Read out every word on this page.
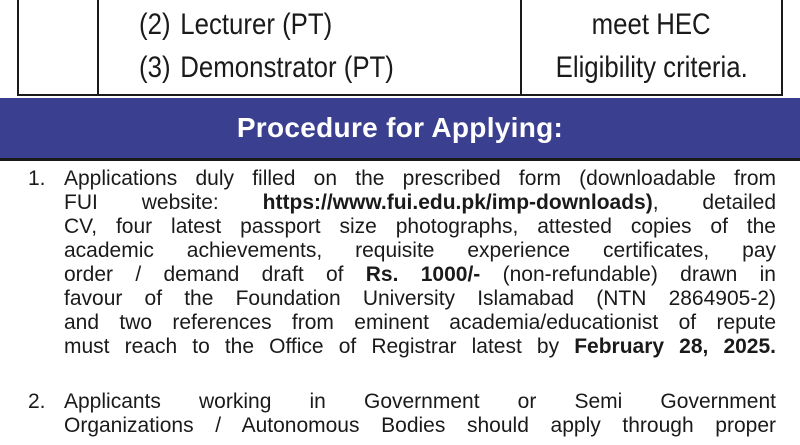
(2) Lecturer (PT)
(3) Demonstrator (PT)
meet HEC
Eligibility criteria.
Procedure for Applying:
1. Applications duly filled on the prescribed form (downloadable from
FUI website: https://www.fui.edu.pk/imp-downloads), detailed
CV, four latest passport size photographs, attested copies of the
academic achievements, requisite experience certificates, pay
order / demand draft of Rs. 1000/- (non-refundable) drawn in
favour of the Foundation University Islamabad (NTN 2864905-2)
and two references from eminent academia/educationist of repute
must reach to the Office of Registrar latest by February 28, 2025.
2. Applicants working in Government or Semi Government
Organizations / Autonomous Bodies should apply through proper
